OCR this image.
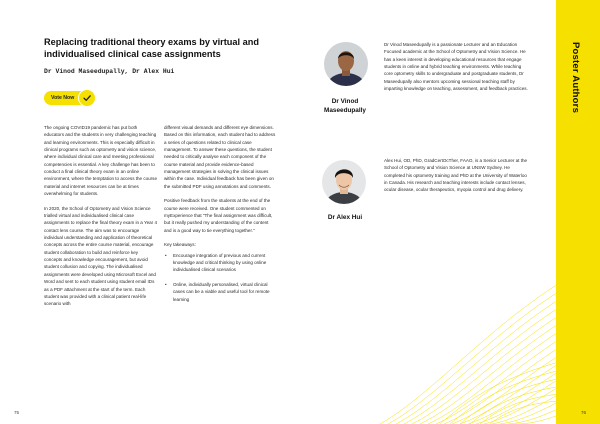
Replacing traditional theory exams by virtual and individualised clinical case assignments
Dr Vinod Maseedupally, Dr Alex Hui
Vote Now

The ongoing COVID19 pandemic has put both educators and the students in very challenging teaching and learning environments. This is especially difficult in clinical programs such as optometry and vision science, where individual clinical care and meeting professional competencies is essential. A key challenge has been to conduct a final clinical theory exam in an online environment, where the temptation to access the course material and internet resources can be at times overwhelming for students.

In 2020, the School of Optometry and Vision Science trialled virtual and individualised clinical case assignments to replace the final theory exam in a Year 4 contact lens course. The aim was to encourage individual understanding and application of theoretical concepts across the entire course material, encourage student collaboration to build and reinforce key concepts and knowledge encouragement, but avoid student collusion and copying. The individualised assignments were developed using Microsoft Excel and Word and sent to each student using student email IDs as a PDF attachment at the start of the term. Each student was provided with a clinical patient real-life scenario with

different visual demands and different eye dimensions. Based on this information, each student had to address a series of questions related to clinical case management. To answer these questions, the student needed to critically analyse each component of the course material and provide evidence-based management strategies in solving the clinical issues within the case. Individual feedback has been given on the submitted PDF using annotations and comments.

Positive feedback from the students at the end of the course were received. One student commented on myExperience that "The final assignment was difficult, but it really pushed my understanding of the content and is a good way to tie everything together."

Key takeaways:

• Encourage integration of previous and current knowledge and critical thinking by using online individualised clinical scenarios
• Online, individually personalised, virtual clinical cases can be a viable and useful tool for remote learning
75
Poster Authors
Dr Vinod Maseedupally
Dr Vinod Maseedupally is a passionate Lecturer and an Education Focused academic at the School of Optometry and Vision Science. He has a keen interest in developing educational resources that engage students in online and hybrid teaching environments. While teaching core optometry skills to undergraduate and postgraduate students, Dr Maseedupally also mentors upcoming sessional teaching staff by imparting knowledge on teaching, assessment, and feedback practices.
Dr Alex Hui
Alex Hui, OD, PhD, GradCertOcTher, FAAO, is a Senior Lecturer at the School of Optometry and Vision Science at UNSW Sydney. He completed his optometry training and PhD at the University of Waterloo in Canada. His research and teaching interests include contact lenses, ocular disease, ocular therapeutics, myopia control and drug delivery.
76
